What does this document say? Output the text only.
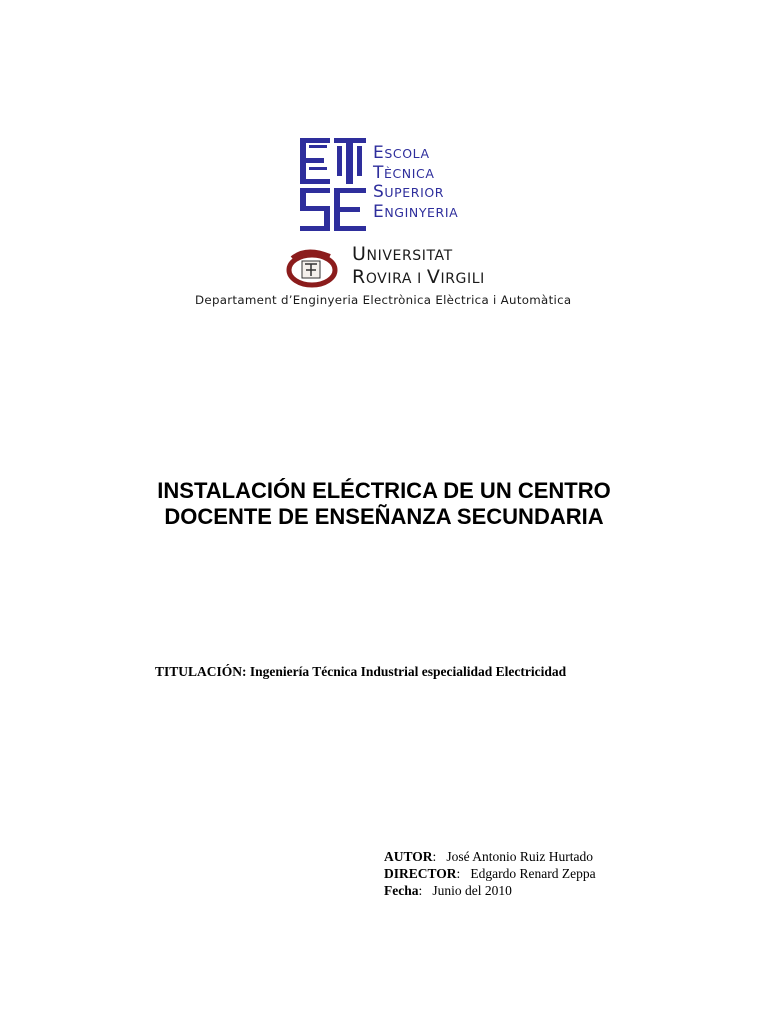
ESCOLA
TÈCNICA
SUPERIOR
ENGINYERIA
UNIVERSITAT
ROVIRA I VIRGILI
Departament d’Enginyeria Electrònica Elèctrica i Automàtica
INSTALACIÓN ELÉCTRICA DE UN CENTRO
DOCENTE DE ENSEÑANZA SECUNDARIA
TITULACIÓN: Ingeniería Técnica Industrial especialidad Electricidad
AUTOR:   José Antonio Ruiz Hurtado
DIRECTOR:   Edgardo Renard Zeppa
Fecha:   Junio del 2010
